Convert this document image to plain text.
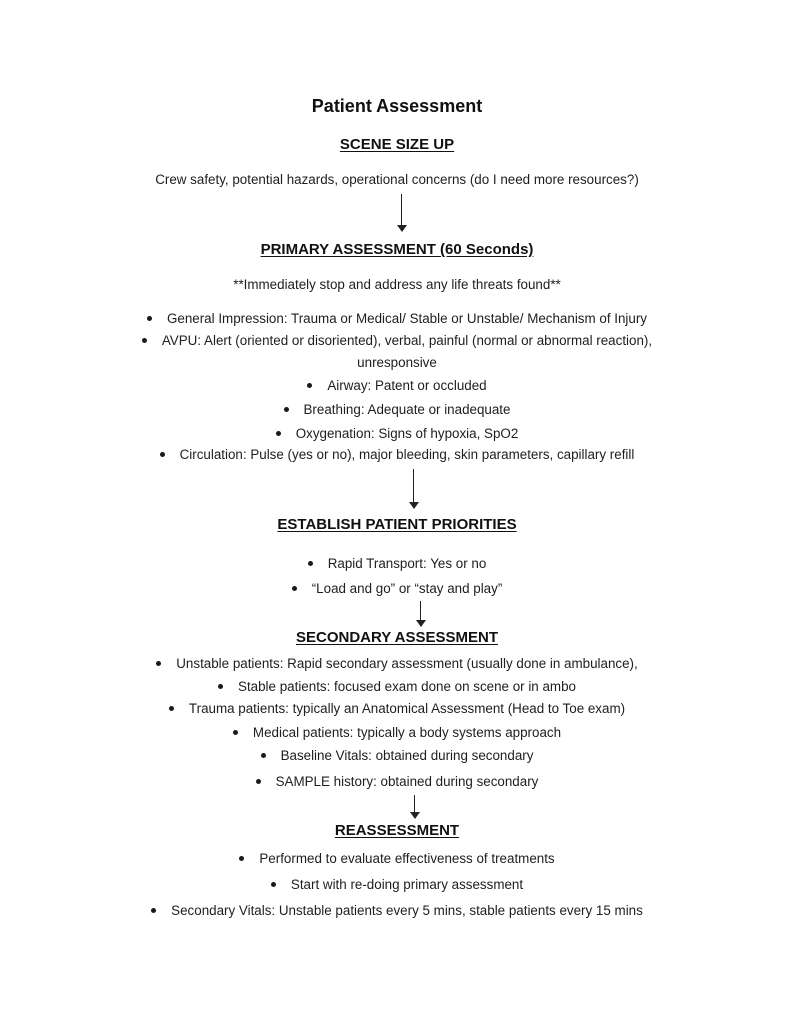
Patient Assessment
SCENE SIZE UP
Crew safety, potential hazards, operational concerns (do I need more resources?)
PRIMARY ASSESSMENT (60 Seconds)
**Immediately stop and address any life threats found**
General Impression: Trauma or Medical/ Stable or Unstable/ Mechanism of Injury
AVPU: Alert (oriented or disoriented), verbal, painful (normal or abnormal reaction),
unresponsive
Airway: Patent or occluded
Breathing: Adequate or inadequate
Oxygenation: Signs of hypoxia, SpO2
Circulation: Pulse (yes or no), major bleeding, skin parameters, capillary refill
ESTABLISH PATIENT PRIORITIES
Rapid Transport: Yes or no
“Load and go” or “stay and play”
SECONDARY ASSESSMENT
Unstable patients: Rapid secondary assessment (usually done in ambulance),
Stable patients: focused exam done on scene or in ambo
Trauma patients: typically an Anatomical Assessment (Head to Toe exam)
Medical patients: typically a body systems approach
Baseline Vitals: obtained during secondary
SAMPLE history: obtained during secondary
REASSESSMENT
Performed to evaluate effectiveness of treatments
Start with re-doing primary assessment
Secondary Vitals: Unstable patients every 5 mins, stable patients every 15 mins
